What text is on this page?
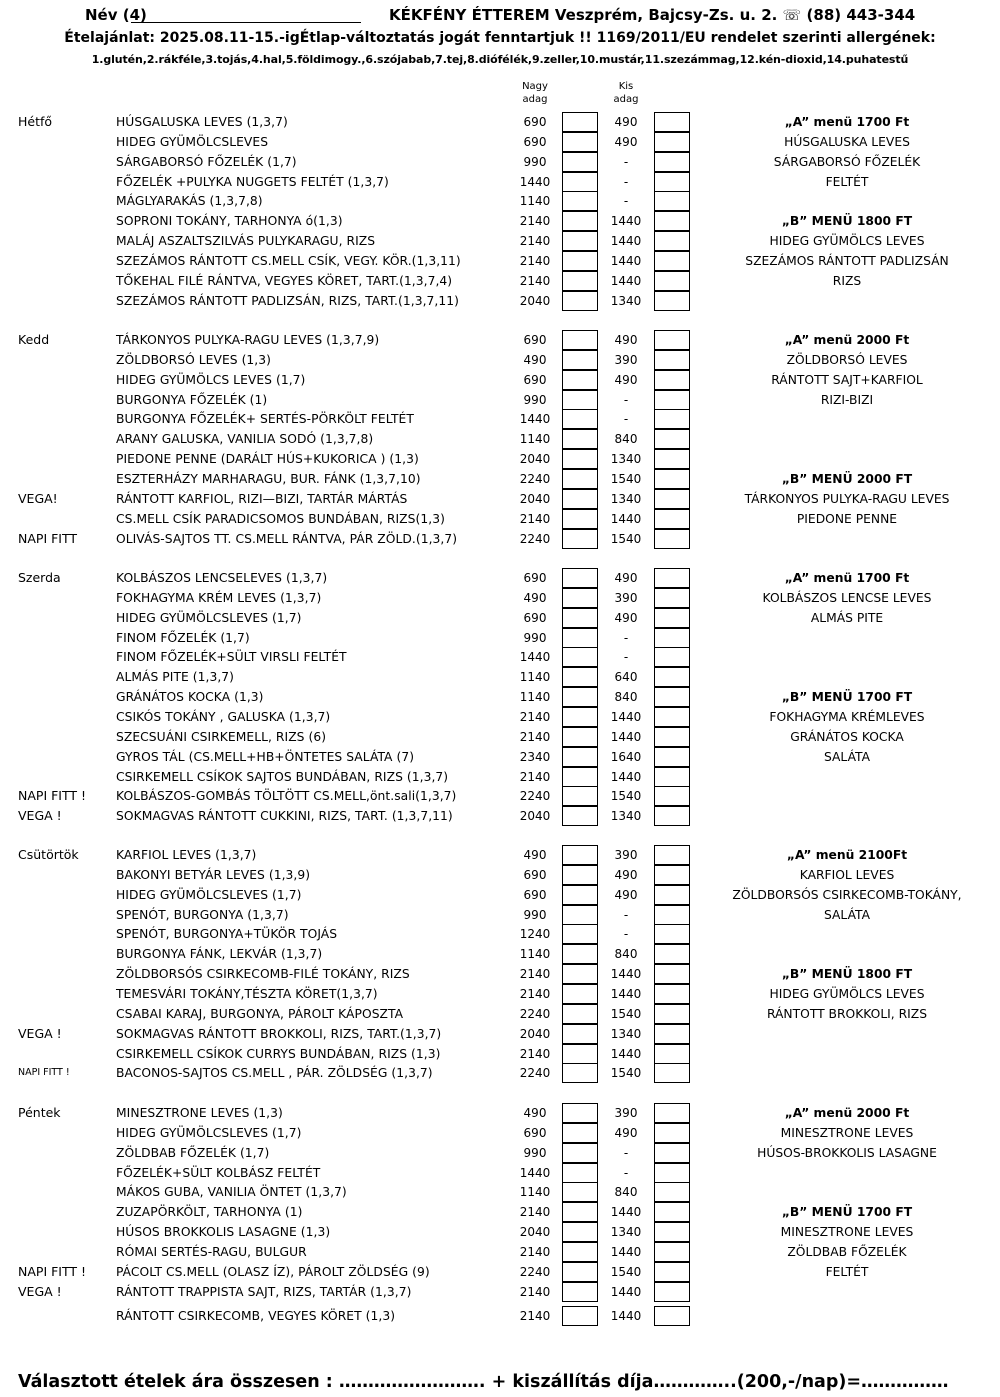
Név (4)	KÉKFÉNY ÉTTEREM Veszprém, Bajcsy-Zs. u. 2. ☏ (88) 443-344
Ételajánlat: 2025.08.11-15.-igÉtlap-változtatás jogát fenntartjuk !! 1169/2011/EU rendelet szerinti allergének:
1.glutén,2.rákféle,3.tojás,4.hal,5.földimogy.,6.szójabab,7.tej,8.diófélék,9.zeller,10.mustár,11.szezámmag,12.kén-dioxid,14.puhatestű
Nagy adag
Kis adag
Hétfő	HÚSGALUSKA LEVES (1,3,7)	690	490	„A” menü 1700 Ft
HIDEG GYÜMÖLCSLEVES	690	490	HÚSGALUSKA LEVES
SÁRGABORSÓ FŐZELÉK (1,7)	990	-	SÁRGABORSÓ FŐZELÉK
FŐZELÉK +PULYKA NUGGETS FELTÉT (1,3,7)	1440	-	FELTÉT
MÁGLYARAKÁS (1,3,7,8)	1140	-
SOPRONI TOKÁNY, TARHONYA ó(1,3)	2140	1440	„B” MENÜ 1800 FT
MALÁJ ASZALTSZILVÁS PULYKARAGU, RIZS	2140	1440	HIDEG GYÜMÖLCS LEVES
SZEZÁMOS RÁNTOTT CS.MELL CSÍK, VEGY. KÖR.(1,3,11)	2140	1440	SZEZÁMOS RÁNTOTT PADLIZSÁN
TŐKEHAL FILÉ RÁNTVA, VEGYES KÖRET, TART.(1,3,7,4)	2140	1440	RIZS
SZEZÁMOS RÁNTOTT PADLIZSÁN, RIZS, TART.(1,3,7,11)	2040	1340
Kedd	TÁRKONYOS PULYKA-RAGU LEVES (1,3,7,9)	690	490	„A” menü 2000 Ft
ZÖLDBORSÓ LEVES (1,3)	490	390	ZÖLDBORSÓ LEVES
HIDEG GYÜMÖLCS LEVES (1,7)	690	490	RÁNTOTT SAJT+KARFIOL
BURGONYA FŐZELÉK (1)	990	-	RIZI-BIZI
BURGONYA FŐZELÉK+ SERTÉS-PÖRKÖLT FELTÉT	1440	-
ARANY GALUSKA, VANILIA SODÓ (1,3,7,8)	1140	840
PIEDONE PENNE (DARÁLT HÚS+KUKORICA ) (1,3)	2040	1340
ESZTERHÁZY MARHARAGU, BUR. FÁNK (1,3,7,10)	2240	1540	„B” MENÜ 2000 FT
VEGA!	RÁNTOTT KARFIOL, RIZI—BIZI, TARTÁR MÁRTÁS	2040	1340	TÁRKONYOS PULYKA-RAGU LEVES
CS.MELL CSÍK PARADICSOMOS BUNDÁBAN, RIZS(1,3)	2140	1440	PIEDONE PENNE
NAPI FITT	OLIVÁS-SAJTOS TT. CS.MELL RÁNTVA, PÁR ZÖLD.(1,3,7)	2240	1540
Szerda	KOLBÁSZOS LENCSELEVES (1,3,7)	690	490	„A” menü 1700 Ft
FOKHAGYMA KRÉM LEVES (1,3,7)	490	390	KOLBÁSZOS LENCSE LEVES
HIDEG GYÜMÖLCSLEVES (1,7)	690	490	ALMÁS PITE
FINOM FŐZELÉK (1,7)	990	-
FINOM FŐZELÉK+SÜLT VIRSLI FELTÉT	1440	-
ALMÁS PITE (1,3,7)	1140	640
GRÁNÁTOS KOCKA (1,3)	1140	840	„B” MENÜ 1700 FT
CSIKÓS TOKÁNY , GALUSKA (1,3,7)	2140	1440	FOKHAGYMA KRÉMLEVES
SZECSUÁNI CSIRKEMELL, RIZS (6)	2140	1440	GRÁNÁTOS KOCKA
GYROS TÁL (CS.MELL+HB+ÖNTETES SALÁTA (7)	2340	1640	SALÁTA
CSIRKEMELL CSÍKOK SAJTOS BUNDÁBAN, RIZS (1,3,7)	2140	1440
NAPI FITT ! KOLBÁSZOS-GOMBÁS TÖLTÖTT CS.MELL,önt.sali(1,3,7)	2240	1540
VEGA !	SOKMAGVAS RÁNTOTT CUKKINI, RIZS, TART. (1,3,7,11)	2040	1340
Csütörtök	KARFIOL LEVES (1,3,7)	490	390	„A” menü 2100Ft
BAKONYI BETYÁR LEVES (1,3,9)	690	490	KARFIOL LEVES
HIDEG GYÜMÖLCSLEVES (1,7)	690	490	ZÖLDBORSÓS CSIRKECOMB-TOKÁNY,
SPENÓT, BURGONYA (1,3,7)	990	-	SALÁTA
SPENÓT, BURGONYA+TÜKÖR TOJÁS	1240	-
BURGONYA FÁNK, LEKVÁR (1,3,7)	1140	840
ZÖLDBORSÓS CSIRKECOMB-FILÉ TOKÁNY, RIZS	2140	1440	„B” MENÜ 1800 FT
TEMESVÁRI TOKÁNY,TÉSZTA KÖRET(1,3,7)	2140	1440	HIDEG GYÜMÖLCS LEVES
CSABAI KARAJ, BURGONYA, PÁROLT KÁPOSZTA	2240	1540	RÁNTOTT BROKKOLI, RIZS
VEGA !	SOKMAGVAS RÁNTOTT BROKKOLI, RIZS, TART.(1,3,7)	2040	1340
CSIRKEMELL CSÍKOK CURRYS BUNDÁBAN, RIZS (1,3)	2140	1440
NAPI FITT !	BACONOS-SAJTOS CS.MELL , PÁR. ZÖLDSÉG (1,3,7)	2240	1540
Péntek	MINESZTRONE LEVES (1,3)	490	390	„A” menü 2000 Ft
HIDEG GYÜMÖLCSLEVES (1,7)	690	490	MINESZTRONE LEVES
ZÖLDBAB FŐZELÉK (1,7)	990	-	HÚSOS-BROKKOLIS LASAGNE
FŐZELÉK+SÜLT KOLBÁSZ FELTÉT	1440	-
MÁKOS GUBA, VANILIA ÖNTET (1,3,7)	1140	840
ZUZAPÖRKÖLT, TARHONYA (1)	2140	1440	„B” MENÜ 1700 FT
HÚSOS BROKKOLIS LASAGNE (1,3)	2040	1340	MINESZTRONE LEVES
RÓMAI SERTÉS-RAGU, BULGUR	2140	1440	ZÖLDBAB FŐZELÉK
NAPI FITT ! PÁCOLT CS.MELL (OLASZ ÍZ), PÁROLT ZÖLDSÉG (9)	2240	1540	FELTÉT
VEGA !	RÁNTOTT TRAPPISTA SAJT, RIZS, TARTÁR (1,3,7)	2140	1440
RÁNTOTT CSIRKECOMB, VEGYES KÖRET (1,3)	2140	1440
Választott ételek ára összesen : ……………………. + kiszállítás díja…………..(200,-/nap)=……………
